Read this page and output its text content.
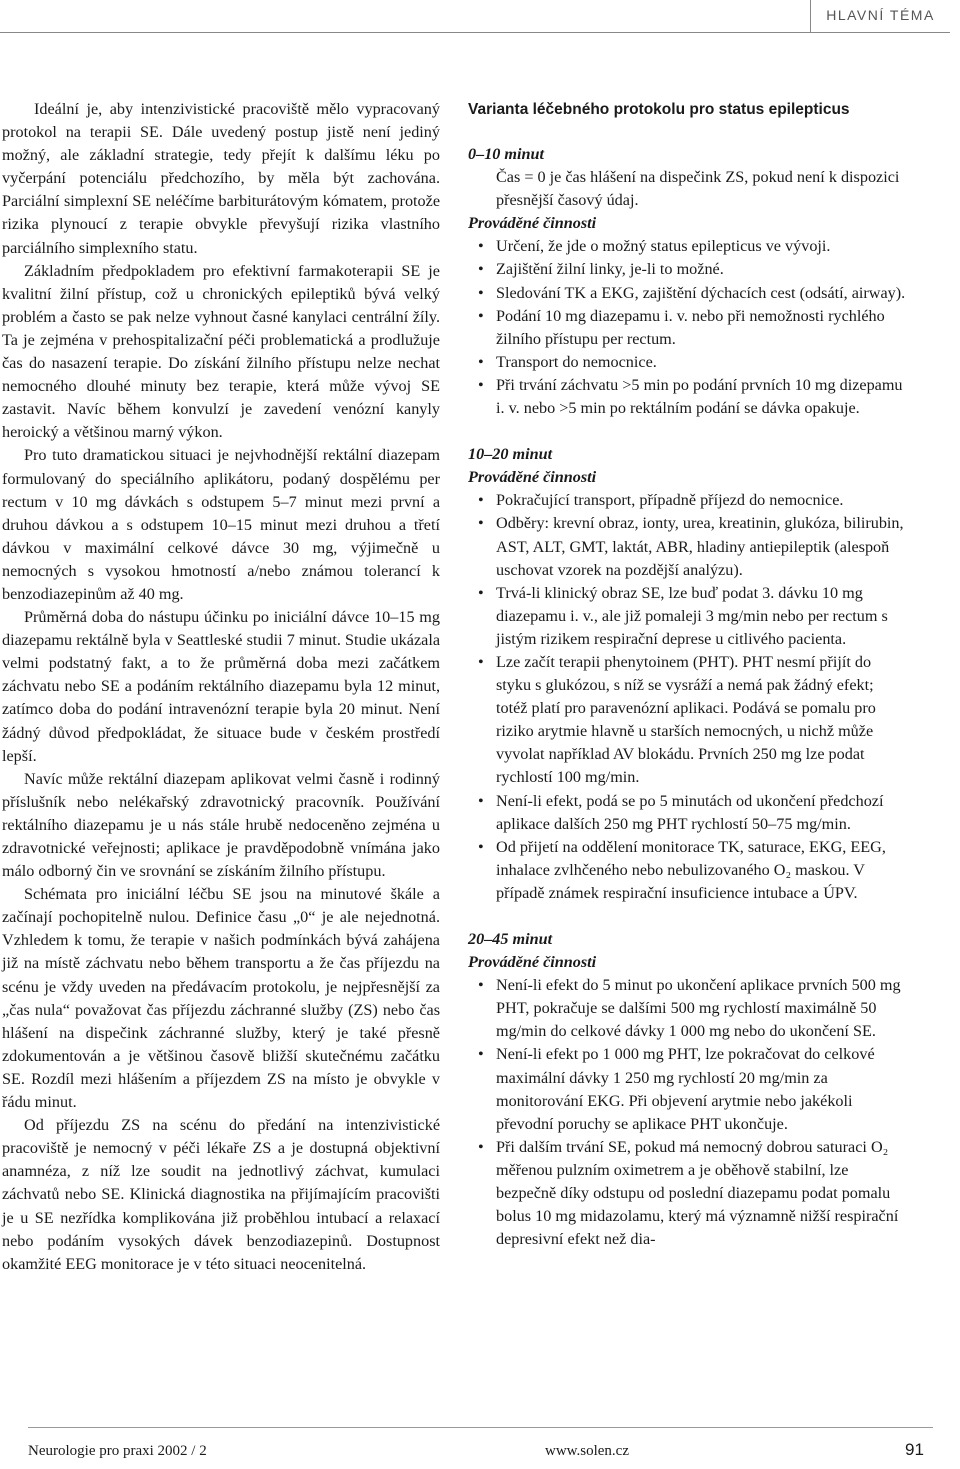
HLAVNÍ TÉMA

Ideální je, aby intenzivistické pracoviště mělo vypracovaný protokol na terapii SE. Dále uvedený postup jistě není jediný možný, ale základní strategie, tedy přejít k dalšímu léku po vyčerpání potenciálu předchozího, by měla být zachována. Parciální simplexní SE neléčíme barbiturátovým kómatem, protože rizika plynoucí z terapie obvykle převyšují rizika vlastního parciálního simplexního statu.

Základním předpokladem pro efektivní farmakoterapii SE je kvalitní žilní přístup, což u chronických epileptiků bývá velký problém a často se pak nelze vyhnout časné kanylaci centrální žíly. Ta je zejména v prehospitalizační péči problematická a prodlužuje čas do nasazení terapie. Do získání žilního přístupu nelze nechat nemocného dlouhé minuty bez terapie, která může vývoj SE zastavit. Navíc během konvulzí je zavedení venózní kanyly heroický a většinou marný výkon.

Pro tuto dramatickou situaci je nejvhodnější rektální diazepam formulovaný do speciálního aplikátoru, podaný dospělému per rectum v 10 mg dávkách s odstupem 5–7 minut mezi první a druhou dávkou a s odstupem 10–15 minut mezi druhou a třetí dávkou v maximální celkové dávce 30 mg, výjimečně u nemocných s vysokou hmotností a/nebo známou tolerancí k benzodiazepinům až 40 mg.

Průměrná doba do nástupu účinku po iniciální dávce 10–15 mg diazepamu rektálně byla v Seattleské studii 7 minut. Studie ukázala velmi podstatný fakt, a to že průměrná doba mezi začátkem záchvatu nebo SE a podáním rektálního diazepamu byla 12 minut, zatímco doba do podání intravenózní terapie byla 20 minut. Není žádný důvod předpokládat, že situace bude v českém prostředí lepší.

Navíc může rektální diazepam aplikovat velmi časně i rodinný příslušník nebo nelékařský zdravotnický pracovník. Používání rektálního diazepamu je u nás stále hrubě nedoceněno zejména u zdravotnické veřejnosti; aplikace je pravděpodobně vnímána jako málo odborný čin ve srovnání se získáním žilního přístupu.

Schémata pro iniciální léčbu SE jsou na minutové škále a začínají pochopitelně nulou. Definice času „0“ je ale nejednotná. Vzhledem k tomu, že terapie v našich podmínkách bývá zahájena již na místě záchvatu nebo během transportu a že čas příjezdu na scénu je vždy uveden na předávacím protokolu, je nejpřesnější za „čas nula“ považovat čas příjezdu záchranné služby (ZS) nebo čas hlášení na dispečink záchranné služby, který je také přesně zdokumentován a je většinou časově bližší skutečnému začátku SE. Rozdíl mezi hlášením a příjezdem ZS na místo je obvykle v řádu minut.

Od příjezdu ZS na scénu do předání na intenzivistické pracoviště je nemocný v péči lékaře ZS a je dostupná objektivní anamnéza, z níž lze soudit na jednotlivý záchvat, kumulaci záchvatů nebo SE. Klinická diagnostika na přijímajícím pracovišti je u SE nezřídka komplikována již proběhlou intubací a relaxací nebo podáním vysokých dávek benzodiazepinů. Dostupnost okamžité EEG monitorace je v této situaci neocenitelná.

Varianta léčebného protokolu pro status epilepticus
0–10 minut
Čas = 0 je čas hlášení na dispečink ZS, pokud není k dispozici přesnější časový údaj.
Prováděné činnosti
• Určení, že jde o možný status epilepticus ve vývoji.
• Zajištění žilní linky, je-li to možné.
• Sledování TK a EKG, zajištění dýchacích cest (odsátí, airway).
• Podání 10 mg diazepamu i. v. nebo při nemožnosti rychlého žilního přístupu per rectum.
• Transport do nemocnice.
• Při trvání záchvatu >5 min po podání prvních 10 mg dizepamu i. v. nebo >5 min po rektálním podání se dávka opakuje.
10–20 minut
Prováděné činnosti
• Pokračující transport, případně příjezd do nemocnice.
• Odběry: krevní obraz, ionty, urea, kreatinin, glukóza, bilirubin, AST, ALT, GMT, laktát, ABR, hladiny antiepileptik (alespoň uschovat vzorek na pozdější analýzu).
• Trvá-li klinický obraz SE, lze buď podat 3. dávku 10 mg diazepamu i. v., ale již pomaleji 3 mg/min nebo per rectum s jistým rizikem respirační deprese u citlivého pacienta.
• Lze začít terapii phenytoinem (PHT). PHT nesmí přijít do styku s glukózou, s níž se vysráží a nemá pak žádný efekt; totéž platí pro paravenózní aplikaci. Podává se pomalu pro riziko arytmie hlavně u starších nemocných, u nichž může vyvolat například AV blokádu. Prvních 250 mg lze podat rychlostí 100 mg/min.
• Není-li efekt, podá se po 5 minutách od ukončení předchozí aplikace dalších 250 mg PHT rychlostí 50–75 mg/min.
• Od přijetí na oddělení monitorace TK, saturace, EKG, EEG, inhalace zvlhčeného nebo nebulizovaného O₂ maskou. V případě známek respirační insuficience intubace a ÚPV.
20–45 minut
Prováděné činnosti
• Není-li efekt do 5 minut po ukončení aplikace prvních 500 mg PHT, pokračuje se dalšími 500 mg rychlostí maximálně 50 mg/min do celkové dávky 1 000 mg nebo do ukončení SE.
• Není-li efekt po 1 000 mg PHT, lze pokračovat do celkové maximální dávky 1 250 mg rychlostí 20 mg/min za monitorování EKG. Při objevení arytmie nebo jakékoli převodní poruchy se aplikace PHT ukončuje.
• Při dalším trvání SE, pokud má nemocný dobrou saturaci O₂ měřenou pulzním oximetrem a je oběhově stabilní, lze bezpečně díky odstupu od poslední diazepamu podat pomalu bolus 10 mg midazolamu, který má významně nižší respirační depresivní efekt než dia-
Neurologie pro praxi 2002 / 2	www.solen.cz	91
